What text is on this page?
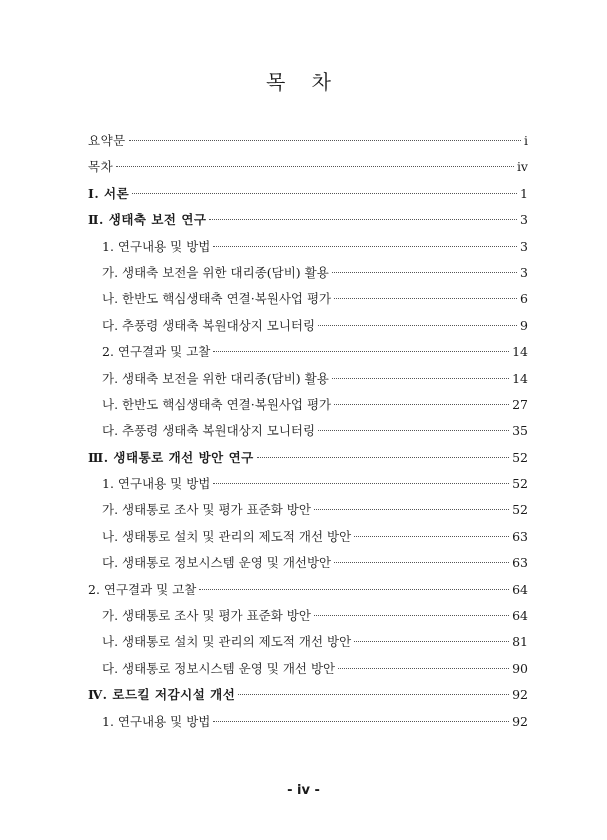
목 차
요약문	i
목차	iv
Ⅰ. 서론	1
Ⅱ. 생태축 보전 연구	3
1. 연구내용 및 방법	3
가. 생태축 보전을 위한 대리종(담비) 활용	3
나. 한반도 핵심생태축 연결·복원사업 평가	6
다. 추풍령 생태축 복원대상지 모니터링	9
2. 연구결과 및 고찰	14
가. 생태축 보전을 위한 대리종(담비) 활용	14
나. 한반도 핵심생태축 연결·복원사업 평가	27
다. 추풍령 생태축 복원대상지 모니터링	35
Ⅲ. 생태통로 개선 방안 연구	52
1. 연구내용 및 방법	52
가. 생태통로 조사 및 평가 표준화 방안	52
나. 생태통로 설치 및 관리의 제도적 개선 방안	63
다. 생태통로 정보시스템 운영 및 개선방안	63
2. 연구결과 및 고찰	64
가. 생태통로 조사 및 평가 표준화 방안	64
나. 생태통로 설치 및 관리의 제도적 개선 방안	81
다. 생태통로 정보시스템 운영 및 개선 방안	90
Ⅳ. 로드킬 저감시설 개선	92
1. 연구내용 및 방법	92
- iv -
